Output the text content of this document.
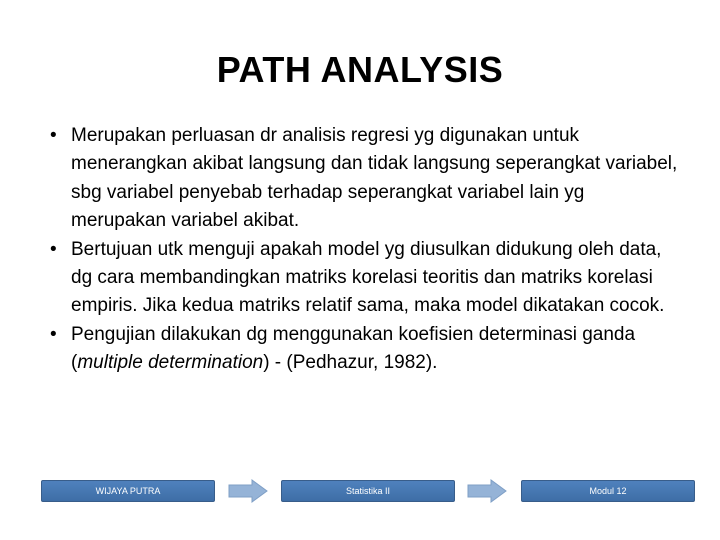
PATH ANALYSIS
• Merupakan perluasan dr analisis regresi yg digunakan untuk menerangkan akibat langsung dan tidak langsung seperangkat variabel, sbg variabel penyebab terhadap seperangkat variabel lain yg merupakan variabel akibat.
• Bertujuan utk menguji apakah model yg diusulkan didukung oleh data, dg cara membandingkan matriks korelasi teoritis dan matriks korelasi empiris. Jika kedua matriks relatif sama, maka model dikatakan cocok.
• Pengujian dilakukan dg menggunakan koefisien determinasi ganda (multiple determination) - (Pedhazur, 1982).
WIJAYA PUTRA	Statistika II	Modul 12
